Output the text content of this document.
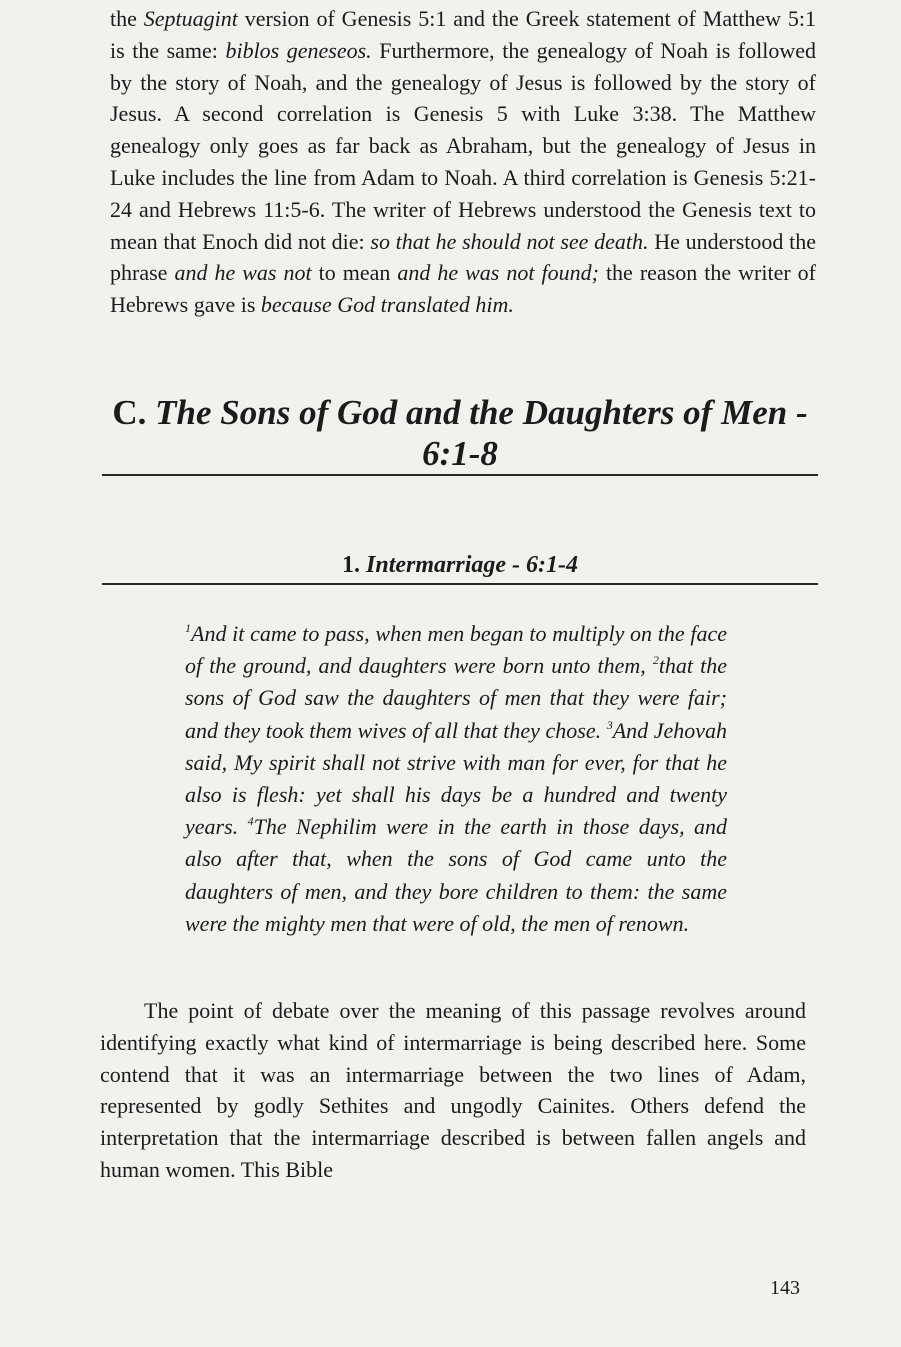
the Septuagint version of Genesis 5:1 and the Greek statement of Matthew 5:1 is the same: biblos geneseos. Furthermore, the genealogy of Noah is followed by the story of Noah, and the genealogy of Jesus is followed by the story of Jesus. A second correlation is Genesis 5 with Luke 3:38. The Matthew genealogy only goes as far back as Abraham, but the genealogy of Jesus in Luke includes the line from Adam to Noah. A third correlation is Genesis 5:21-24 and Hebrews 11:5-6. The writer of Hebrews understood the Genesis text to mean that Enoch did not die: so that he should not see death. He understood the phrase and he was not to mean and he was not found; the reason the writer of Hebrews gave is because God translated him.

C. The Sons of God and the Daughters of Men - 6:1-8
1. Intermarriage - 6:1-4

$^1$And it came to pass, when men began to multiply on the face of the ground, and daughters were born unto them, $^2$that the sons of God saw the daughters of men that they were fair; and they took them wives of all that they chose. $^3$And Jehovah said, My spirit shall not strive with man for ever, for that he also is flesh: yet shall his days be a hundred and twenty years. $^4$The Nephilim were in the earth in those days, and also after that, when the sons of God came unto the daughters of men, and they bore children to them: the same were the mighty men that were of old, the men of renown.

The point of debate over the meaning of this passage revolves around identifying exactly what kind of intermarriage is being described here. Some contend that it was an intermarriage between the two lines of Adam, represented by godly Sethites and ungodly Cainites. Others defend the interpretation that the intermarriage described is between fallen angels and human women. This Bible

143
